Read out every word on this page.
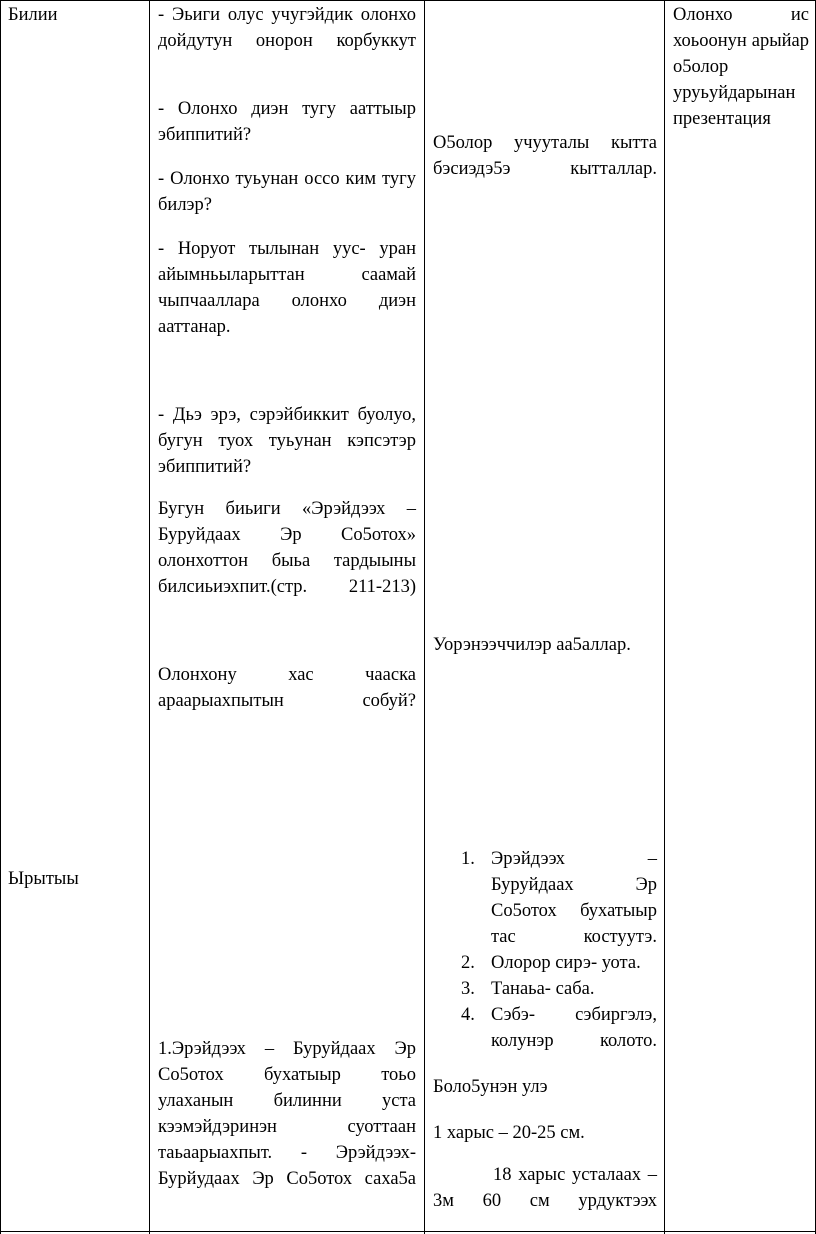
Билии
Ырытыы
- Эьиги олус учугэйдик олонхо дойдутун онорон корбуккут
- Олонхо диэн тугу ааттыыр эбиппитий?
- Олонхо туьунан оссо ким тугу билэр?
- Норуот тылынан уус- уран айымньыларыттан саамай чыпчааллара олонхо диэн ааттанар.
- Дьэ эрэ, сэрэйбиккит буолуо, бугун туох туьунан кэпсэтэр эбиппитий?
Бугун биьиги «Эрэйдээх – Буруйдаах Эр Со5отох» олонхоттон быьа тардыыны билсиьиэхпит.(стр. 211-213)
Олонхону хас чааска араарыахпытын собуй?
1.Эрэйдээх – Буруйдаах Эр Со5отох бухатыыр тоьо улаханын билинни уста кээмэйдэринэн суоттаан таьаарыахпыт. - Эрэйдээх- Бурйудаах Эр Со5отох саха5а
О5олор учууталы кытта бэсиэдэ5э кытталлар.
Уорэнээччилэр аа5аллар.
1. Эрэйдээх – Буруйдаах Эр Со5отох бухатыыр тас костуутэ.
2. Олорор сирэ- уота.
3. Танаьа- саба.
4. Сэбэ- сэбиргэлэ, колунэр колото.
Боло5унэн улэ
1 харыс – 20-25 см.
18 харыс усталаах – 3м 60 см урдуктээх
Олонхо ис хоьоонун арыйар о5олор уруьуйдарынан презентация
